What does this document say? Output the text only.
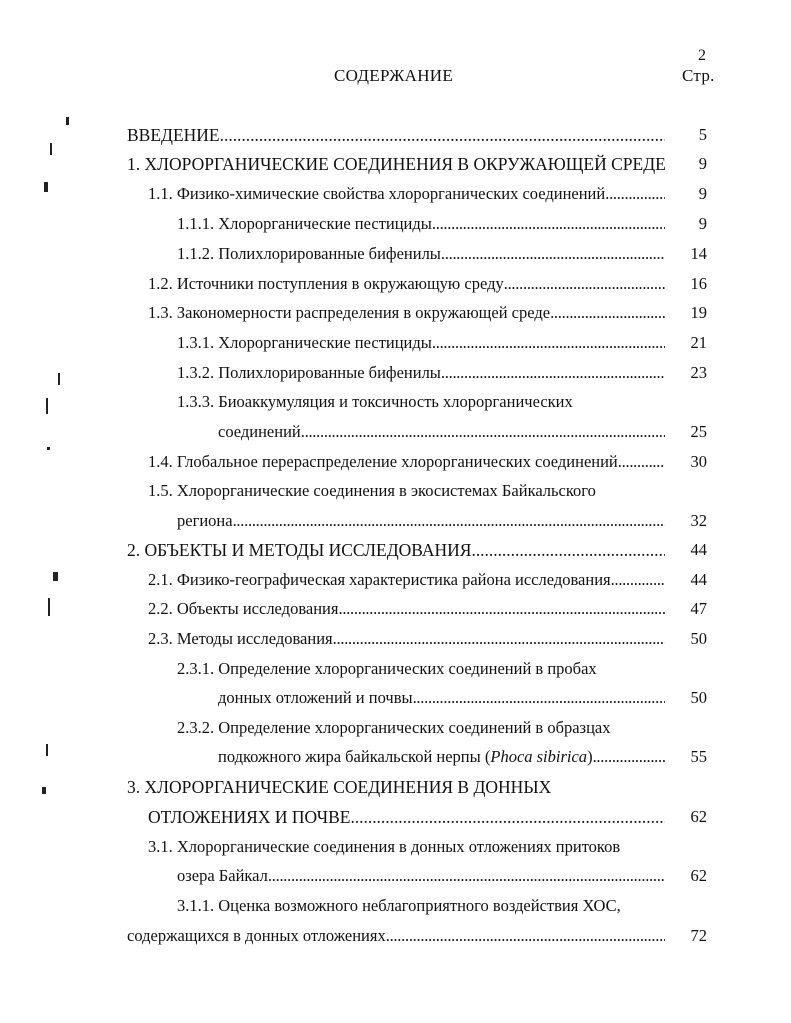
2
СОДЕРЖАНИЕ	Стр.
ВВЕДЕНИЕ . . .	5
1. ХЛОРОРГАНИЧЕСКИЕ СОЕДИНЕНИЯ В ОКРУЖАЮЩЕЙ СРЕДЕ	9
1.1. Физико-химические свойства хлорорганических соединений . . .	9
1.1.1. Хлорорганические пестициды . . .	9
1.1.2. Полихлорированные бифенилы . . .	14
1.2. Источники поступления в окружающую среду . . .	16
1.3. Закономерности распределения в окружающей среде . . .	19
1.3.1. Хлорорганические пестициды . . .	21
1.3.2. Полихлорированные бифенилы . . .	23
1.3.3. Биоаккумуляция и токсичность хлорорганических
соединений . . .	25
1.4. Глобальное перераспределение хлорорганических соединений . . .	30
1.5. Хлорорганические соединения в экосистемах Байкальского
региона . . .	32
2. ОБЪЕКТЫ И МЕТОДЫ ИССЛЕДОВАНИЯ . . .	44
2.1. Физико-географическая характеристика района исследования . . .	44
2.2. Объекты исследования . . .	47
2.3. Методы исследования . . .	50
2.3.1. Определение хлорорганических соединений в пробах
донных отложений и почвы . . .	50
2.3.2. Определение хлорорганических соединений в образцах
подкожного жира байкальской нерпы (Phoca sibirica) . . .	55
3. ХЛОРОРГАНИЧЕСКИЕ СОЕДИНЕНИЯ В ДОННЫХ
ОТЛОЖЕНИЯХ И ПОЧВЕ . . .	62
3.1. Хлорорганические соединения в донных отложениях притоков
озера Байкал . . .	62
3.1.1. Оценка возможного неблагоприятного воздействия ХОС,
содержащихся в донных отложениях . . .	72
